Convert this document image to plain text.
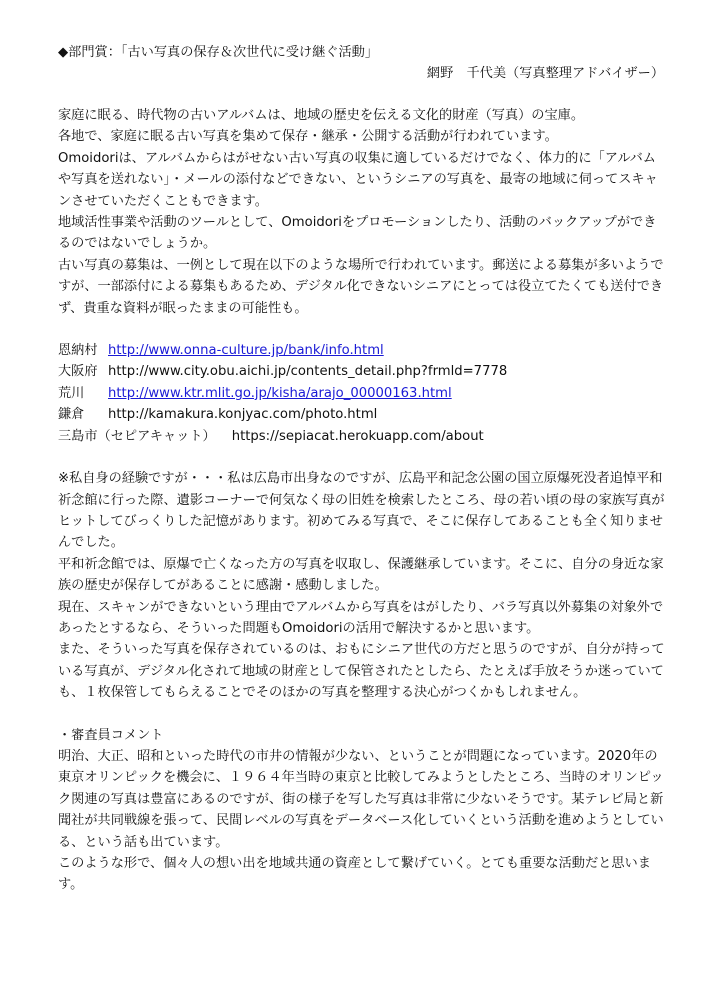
◆部門賞：「古い写真の保存＆次世代に受け継ぐ活動」

網野　千代美（写真整理アドバイザー）

家庭に眠る、時代物の古いアルバムは、地域の歴史を伝える文化的財産（写真）の宝庫。

各地で、家庭に眠る古い写真を集めて保存・継承・公開する活動が行われています。

Omoidoriは、アルバムからはがせない古い写真の収集に適しているだけでなく、体力的に「アルバムや写真を送れない」・メールの添付などできない、というシニアの写真を、最寄の地域に伺ってスキャンさせていただくこともできます。

地域活性事業や活動のツールとして、Omoidoriをプロモーションしたり、活動のバックアップができるのではないでしょうか。

古い写真の募集は、一例として現在以下のような場所で行われています。郵送による募集が多いようですが、一部添付による募集もあるため、デジタル化できないシニアにとっては役立てたくても送付できず、貴重な資料が眠ったままの可能性も。

恩納村 http://www.onna-culture.jp/bank/info.html
大阪府 http://www.city.obu.aichi.jp/contents_detail.php?frmld=7778
荒川	http://www.ktr.mlit.go.jp/kisha/arajo_00000163.html
鎌倉	http://kamakura.konjyac.com/photo.html
三島市（セピアキャット） https://sepiacat.herokuapp.com/about

※私自身の経験ですが・・・私は広島市出身なのですが、広島平和記念公園の国立原爆死没者追悼平和祈念館に行った際、遺影コーナーで何気なく母の旧姓を検索したところ、母の若い頃の母の家族写真がヒットしてびっくりした記憶があります。初めてみる写真で、そこに保存してあることも全く知りませんでした。

平和祈念館では、原爆で亡くなった方の写真を収取し、保護継承しています。そこに、自分の身近な家族の歴史が保存してがあることに感謝・感動しました。

現在、スキャンができないという理由でアルバムから写真をはがしたり、バラ写真以外募集の対象外であったとするなら、そういった問題もOmoidoriの活用で解決するかと思います。

また、そういった写真を保存されているのは、おもにシニア世代の方だと思うのですが、自分が持っている写真が、デジタル化されて地域の財産として保管されたとしたら、たとえば手放そうか迷っていても、１枚保管してもらえることでそのほかの写真を整理する決心がつくかもしれません。

・審査員コメント

明治、大正、昭和といった時代の市井の情報が少ない、ということが問題になっています。2020年の東京オリンピックを機会に、１９６４年当時の東京と比較してみようとしたところ、当時のオリンピック関連の写真は豊富にあるのですが、街の様子を写した写真は非常に少ないそうです。某テレビ局と新聞社が共同戦線を張って、民間レベルの写真をデータベース化していくという活動を進めようとしている、という話も出ています。

このような形で、個々人の想い出を地域共通の資産として繋げていく。とても重要な活動だと思います。
